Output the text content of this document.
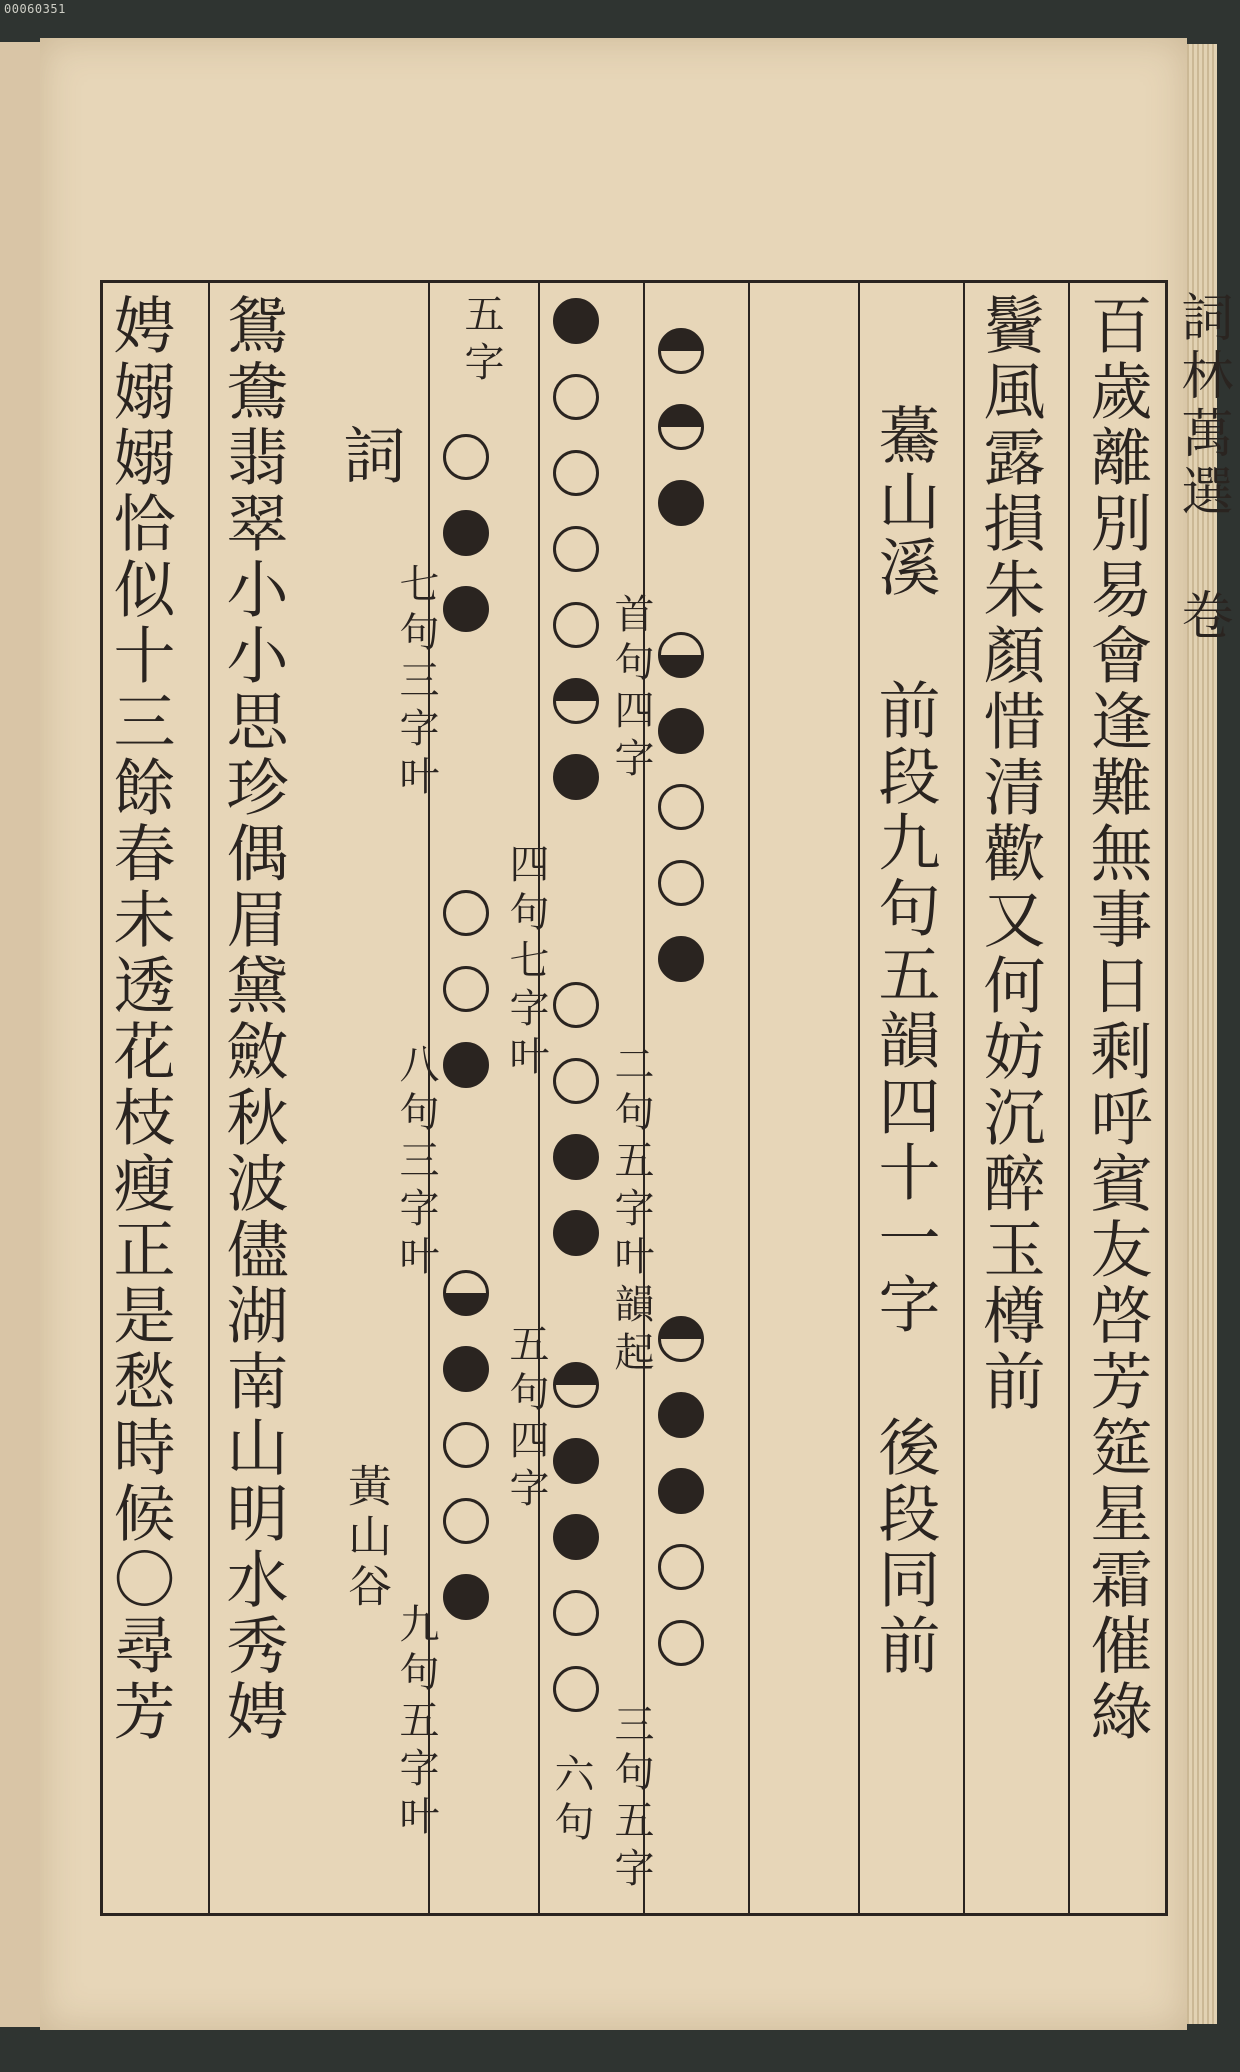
00060351
詞林萬選 卷
百歲離別易會逢難無事日剩呼賓友啓芳筵星霜催綠
鬢風露損朱顏惜清歡又何妨沉醉玉樽前
驀山溪 前段九句五韻四十一字 後段同前
詞
黃山谷
鴛鴦翡翠小小思珍偶眉黛斂秋波儘湖南山明水秀娉
娉嫋嫋恰似十三餘春未透花枝瘦正是愁時候〇尋芳	首句四字
二句五字叶韻起
三句五字
四句七字叶
五句四字
六句
七句三字叶
八句三字叶
九句五字叶
五字
